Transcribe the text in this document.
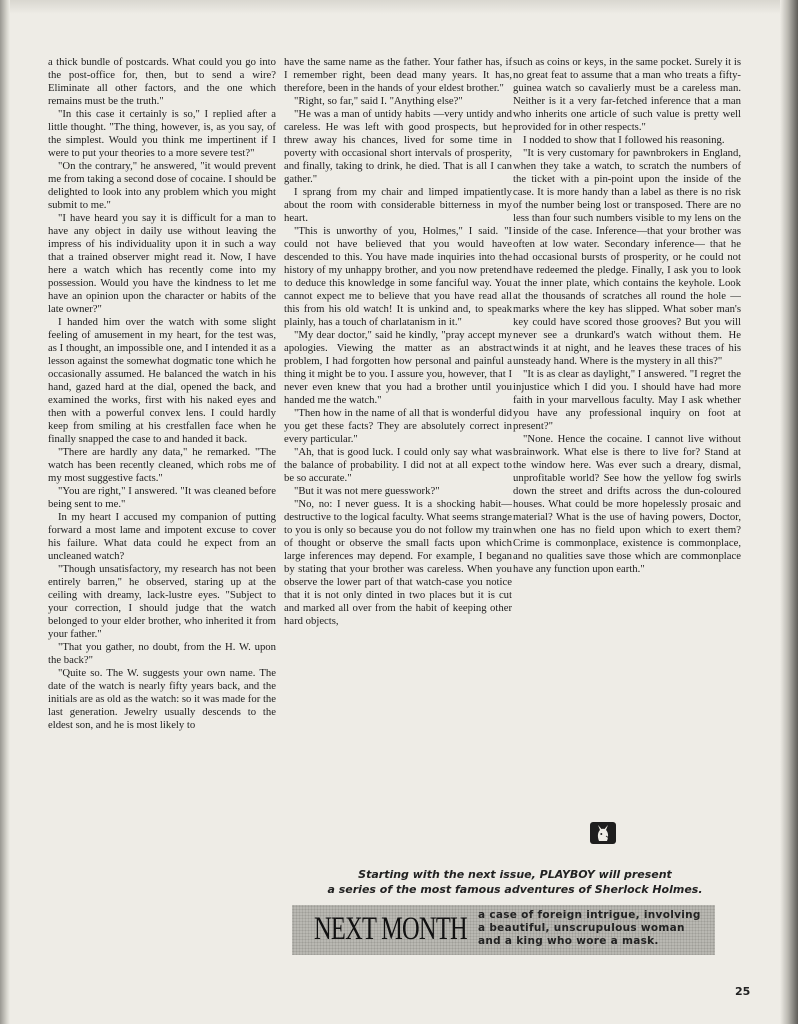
a thick bundle of postcards. What could you go into the post-office for, then, but to send a wire? Eliminate all other factors, and the one which remains must be the truth."

"In this case it certainly is so," I replied after a little thought. "The thing, however, is, as you say, of the simplest. Would you think me impertinent if I were to put your theories to a more severe test?"

"On the contrary," he answered, "it would prevent me from taking a second dose of cocaine. I should be delighted to look into any problem which you might submit to me."

"I have heard you say it is difficult for a man to have any object in daily use without leaving the impress of his individuality upon it in such a way that a trained observer might read it. Now, I have here a watch which has recently come into my possession. Would you have the kindness to let me have an opinion upon the character or habits of the late owner?"

I handed him over the watch with some slight feeling of amusement in my heart, for the test was, as I thought, an impossible one, and I intended it as a lesson against the somewhat dogmatic tone which he occasionally assumed. He balanced the watch in his hand, gazed hard at the dial, opened the back, and examined the works, first with his naked eyes and then with a powerful convex lens. I could hardly keep from smiling at his crestfallen face when he finally snapped the case to and handed it back.

"There are hardly any data," he remarked. "The watch has been recently cleaned, which robs me of my most suggestive facts."

"You are right," I answered. "It was cleaned before being sent to me."

In my heart I accused my companion of putting forward a most lame and impotent excuse to cover his failure. What data could he expect from an uncleaned watch?

"Though unsatisfactory, my research has not been entirely barren," he observed, staring up at the ceiling with dreamy, lack-lustre eyes. "Subject to your correction, I should judge that the watch belonged to your elder brother, who inherited it from your father."

"That you gather, no doubt, from the H. W. upon the back?"

"Quite so. The W. suggests your own name. The date of the watch is nearly fifty years back, and the initials are as old as the watch: so it was made for the last generation. Jewelry usually descends to the eldest son, and he is most likely to

have the same name as the father. Your father has, if I remember right, been dead many years. It has, therefore, been in the hands of your eldest brother."

"Right, so far," said I. "Anything else?"

"He was a man of untidy habits —very untidy and careless. He was left with good prospects, but he threw away his chances, lived for some time in poverty with occasional short intervals of prosperity, and finally, taking to drink, he died. That is all I can gather."

I sprang from my chair and limped impatiently about the room with considerable bitterness in my heart.

"This is unworthy of you, Holmes," I said. "I could not have believed that you would have descended to this. You have made inquiries into the history of my unhappy brother, and you now pretend to deduce this knowledge in some fanciful way. You cannot expect me to believe that you have read all this from his old watch! It is unkind and, to speak plainly, has a touch of charlatanism in it."

"My dear doctor," said he kindly, "pray accept my apologies. Viewing the matter as an abstract problem, I had forgotten how personal and painful a thing it might be to you. I assure you, however, that I never even knew that you had a brother until you handed me the watch."

"Then how in the name of all that is wonderful did you get these facts? They are absolutely correct in every particular."

"Ah, that is good luck. I could only say what was the balance of probability. I did not at all expect to be so accurate."

"But it was not mere guesswork?"

"No, no: I never guess. It is a shocking habit—destructive to the logical faculty. What seems strange to you is only so because you do not follow my train of thought or observe the small facts upon which large inferences may depend. For example, I began by stating that your brother was careless. When you observe the lower part of that watch-case you notice that it is not only dinted in two places but it is cut and marked all over from the habit of keeping other hard objects,

such as coins or keys, in the same pocket. Surely it is no great feat to assume that a man who treats a fifty-guinea watch so cavalierly must be a careless man. Neither is it a very far-fetched inference that a man who inherits one article of such value is pretty well provided for in other respects."

I nodded to show that I followed his reasoning.

"It is very customary for pawnbrokers in England, when they take a watch, to scratch the numbers of the ticket with a pin-point upon the inside of the case. It is more handy than a label as there is no risk of the number being lost or transposed. There are no less than four such numbers visible to my lens on the inside of the case. Inference—that your brother was often at low water. Secondary inference— that he had occasional bursts of prosperity, or he could not have redeemed the pledge. Finally, I ask you to look at the inner plate, which contains the keyhole. Look at the thousands of scratches all round the hole — marks where the key has slipped. What sober man's key could have scored those grooves? But you will never see a drunkard's watch without them. He winds it at night, and he leaves these traces of his unsteady hand. Where is the mystery in all this?"

"It is as clear as daylight," I answered. "I regret the injustice which I did you. I should have had more faith in your marvellous faculty. May I ask whether you have any professional inquiry on foot at present?"

"None. Hence the cocaine. I cannot live without brainwork. What else is there to live for? Stand at the window here. Was ever such a dreary, dismal, unprofitable world? See how the yellow fog swirls down the street and drifts across the dun-coloured houses. What could be more hopelessly prosaic and material? What is the use of having powers, Doctor, when one has no field upon which to exert them? Crime is commonplace, existence is commonplace, and no qualities save those which are commonplace have any function upon earth."

Starting with the next issue, PLAYBOY will present
a series of the most famous adventures of Sherlock Holmes.
NEXT MONTH a case of foreign intrigue, involving a beautiful, unscrupulous woman and a king who wore a mask.
25
